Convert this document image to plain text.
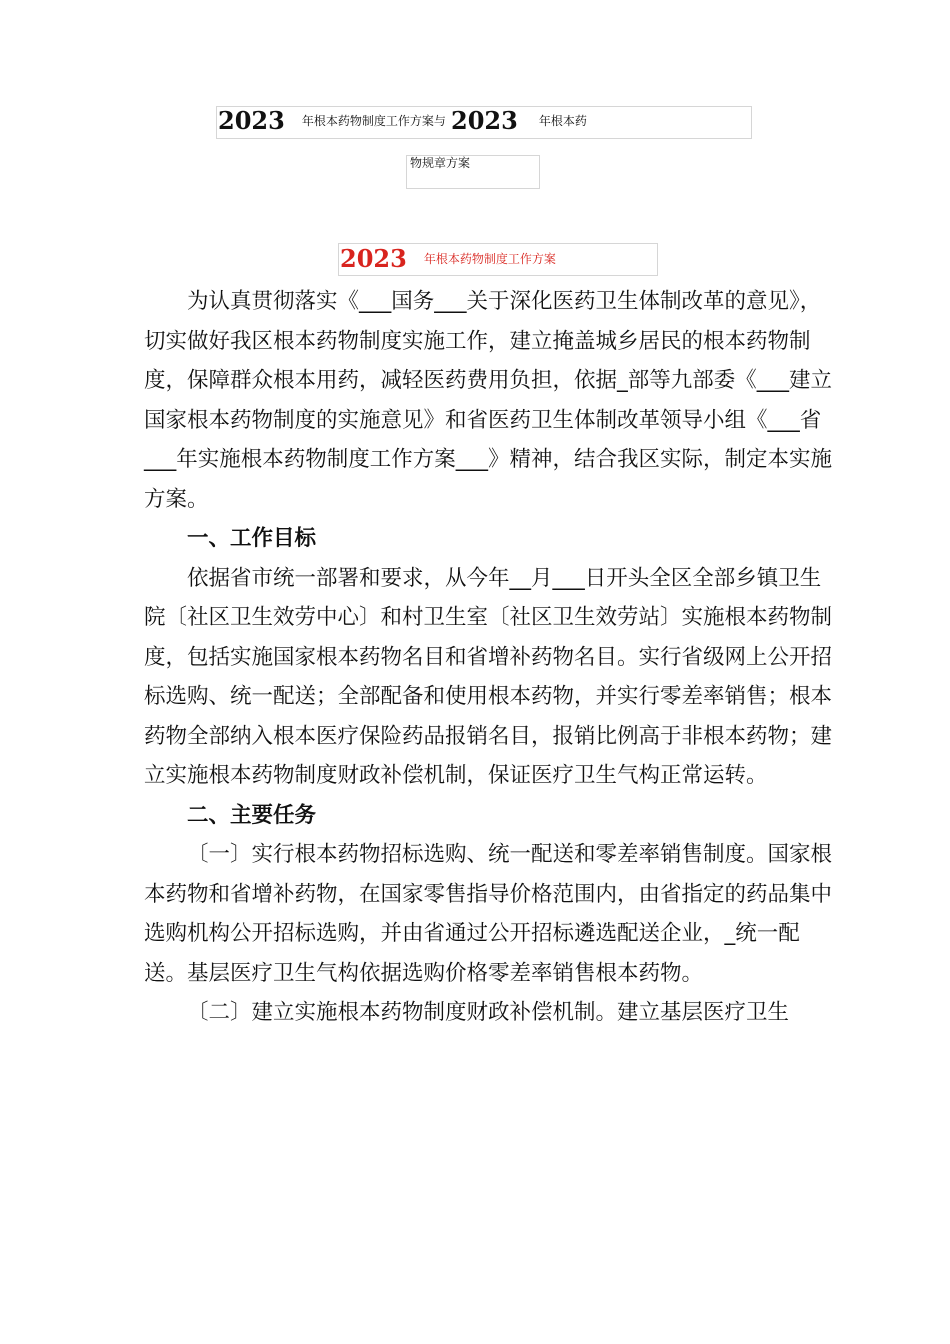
2023 年根本药物制度工作方案与 2023 年根本药
物规章方案
2023 年根本药物制度工作方案

为认真贯彻落实《___国务___关于深化医药卫生体制改革的意见》，切实做好我区根本药物制度实施工作，建立掩盖城乡居民的根本药物制度，保障群众根本用药，减轻医药费用负担，依据_部等九部委《___建立国家根本药物制度的实施意见》和省医药卫生体制改革领导小组《___省___年实施根本药物制度工作方案___》精神，结合我区实际，制定本实施方案。

一、工作目标

依据省市统一部署和要求，从今年__月___日开头全区全部乡镇卫生院〔社区卫生效劳中心〕和村卫生室〔社区卫生效劳站〕实施根本药物制度，包括实施国家根本药物名目和省增补药物名目。实行省级网上公开招标选购、统一配送；全部配备和使用根本药物，并实行零差率销售；根本药物全部纳入根本医疗保险药品报销名目，报销比例高于非根本药物；建立实施根本药物制度财政补偿机制，保证医疗卫生气构正常运转。

二、主要任务

〔一〕实行根本药物招标选购、统一配送和零差率销售制度。国家根本药物和省增补药物，在国家零售指导价格范围内，由省指定的药品集中选购机构公开招标选购，并由省通过公开招标遴选配送企业，_统一配送。基层医疗卫生气构依据选购价格零差率销售根本药物。

〔二〕建立实施根本药物制度财政补偿机制。建立基层医疗卫生
